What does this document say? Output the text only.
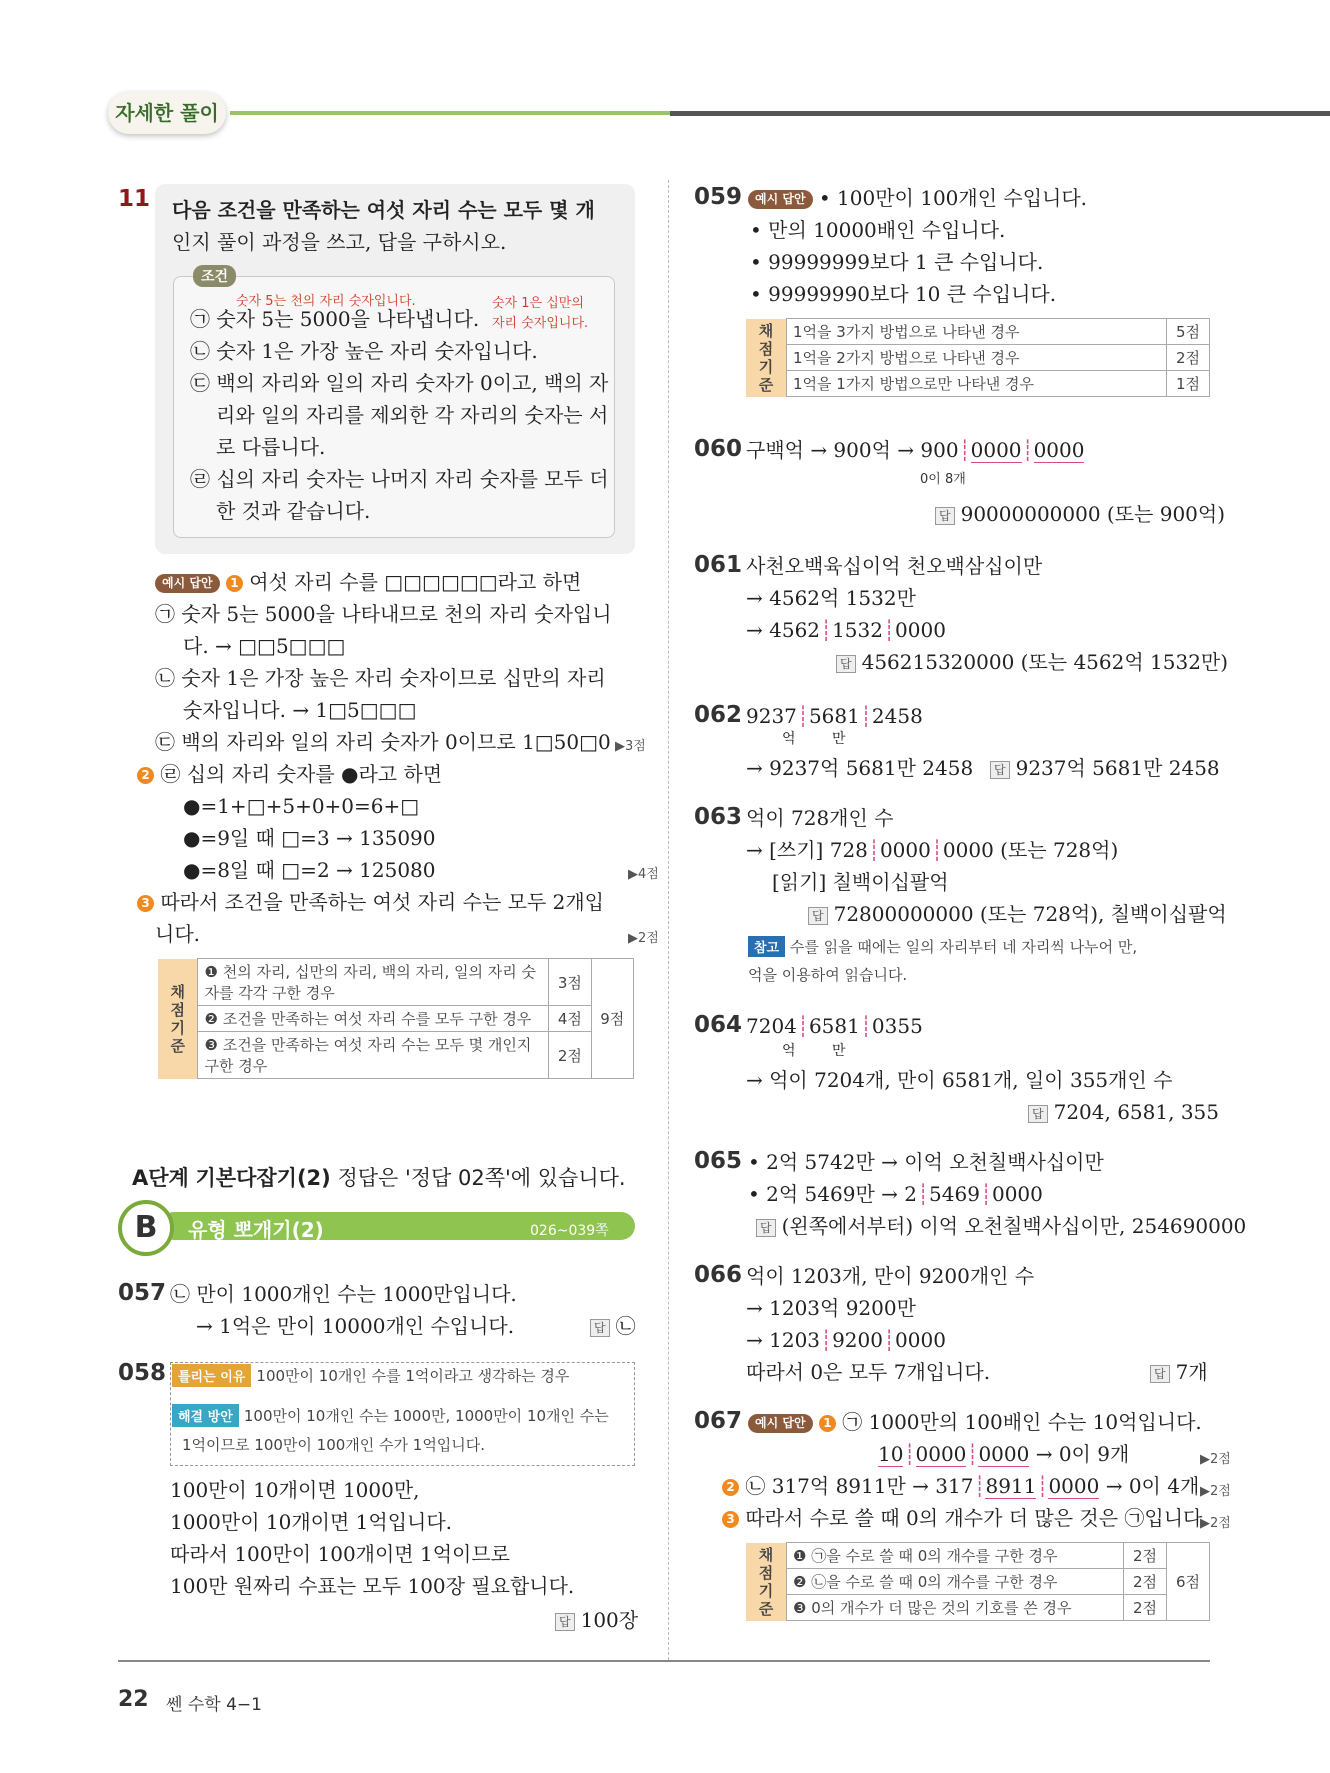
자세한 풀이
11 다음 조건을 만족하는 여섯 자리 수는 모두 몇 개
인지 풀이 과정을 쓰고, 답을 구하시오.
조건
숫자 5는 천의 자리 숫자입니다.	숫자 1은 십만의
자리 숫자입니다.
㉠ 숫자 5는 5000을 나타냅니다.
㉡ 숫자 1은 가장 높은 자리 숫자입니다.
㉢ 백의 자리와 일의 자리 숫자가 0이고, 백의 자
리와 일의 자리를 제외한 각 자리의 숫자는 서
로 다릅니다.
㉣ 십의 자리 숫자는 나머지 자리 숫자를 모두 더
한 것과 같습니다.
예시 답안 1 여섯 자리 수를 □□□□□□라고 하면
㉠ 숫자 5는 5000을 나타내므로 천의 자리 숫자입니
다. → □□5□□□
㉡ 숫자 1은 가장 높은 자리 숫자이므로 십만의 자리
숫자입니다. → 1□5□□□
㉢ 백의 자리와 일의 자리 숫자가 0이므로 1□50□0 ▶3점
2 ㉣ 십의 자리 숫자를 ●라고 하면
●=1+□+5+0+0=6+□
●=9일 때 □=3 → 135090
●=8일 때 □=2 → 125080	▶4점
3 따라서 조건을 만족하는 여섯 자리 수는 모두 2개입
니다.	▶2점
채점 기준	❶ 천의 자리, 십만의 자리, 백의 자리, 일의 자리 숫자를 각각 구한 경우	3점	9점
	❷ 조건을 만족하는 여섯 자리 수를 모두 구한 경우	4점	
	❸ 조건을 만족하는 여섯 자리 수는 모두 몇 개인지 구한 경우	2점	
A단계 기본다잡기(2) 정답은 '정답 02쪽'에 있습니다.
B	유형 뽀개기(2)	026~039쪽
057 ㉡ 만이 1000개인 수는 1000만입니다.
→ 1억은 만이 10000개인 수입니다.	답 ㉡
058 틀리는 이유 100만이 10개인 수를 1억이라고 생각하는 경우
해결 방안 100만이 10개인 수는 1000만, 1000만이 10개인 수는
1억이므로 100만이 100개인 수가 1억입니다.
100만이 10개이면 1000만,
1000만이 10개이면 1억입니다.
따라서 100만이 100개이면 1억이므로
100만 원짜리 수표는 모두 100장 필요합니다.
답 100장
059	예시 답안 • 100만이 100개인 수입니다.
• 만의 10000배인 수입니다.
• 99999999보다 1 큰 수입니다.
• 99999990보다 10 큰 수입니다.
채점 기준	1억을 3가지 방법으로 나타낸 경우	5점
	1억을 2가지 방법으로 나타낸 경우	2점
	1억을 1가지 방법으로만 나타낸 경우	1점
060 구백억 → 900억 → 900┊0000┊0000
0이 8개
답 90000000000 (또는 900억)
061 사천오백육십이억 천오백삼십이만
→ 4562억 1532만
→ 4562┊1532┊0000
답 456215320000 (또는 4562억 1532만)
062 9237┊5681┊2458
억	만
→ 9237억 5681만 2458	답 9237억 5681만 2458
063 억이 728개인 수
→ [쓰기] 728┊0000┊0000 (또는 728억)
[읽기] 칠백이십팔억
답 72800000000 (또는 728억), 칠백이십팔억
참고 수를 읽을 때에는 일의 자리부터 네 자리씩 나누어 만,
억을 이용하여 읽습니다.
064 7204┊6581┊0355
억	만
→ 억이 7204개, 만이 6581개, 일이 355개인 수
답 7204, 6581, 355
065 • 2억 5742만 → 이억 오천칠백사십이만
• 2억 5469만 → 2┊5469┊0000
답 (왼쪽에서부터) 이억 오천칠백사십이만, 254690000
066 억이 1203개, 만이 9200개인 수
→ 1203억 9200만
→ 1203┊9200┊0000
따라서 0은 모두 7개입니다.	답 7개
067	예시 답안 1 ㉠ 1000만의 100배인 수는 10억입니다.
10┊0000┊0000 → 0이 9개	▶2점
2 ㉡ 317억 8911만 → 317┊8911┊0000 → 0이 4개 ▶2점
3 따라서 수로 쓸 때 0의 개수가 더 많은 것은 ㉠입니다.
▶2점
채점 기준	❶ ㉠을 수로 쓸 때 0의 개수를 구한 경우	2점	6점
	❷ ㉡을 수로 쓸 때 0의 개수를 구한 경우	2점	
	❸ 0의 개수가 더 많은 것의 기호를 쓴 경우	2점	
22 쎈 수학 4−1
